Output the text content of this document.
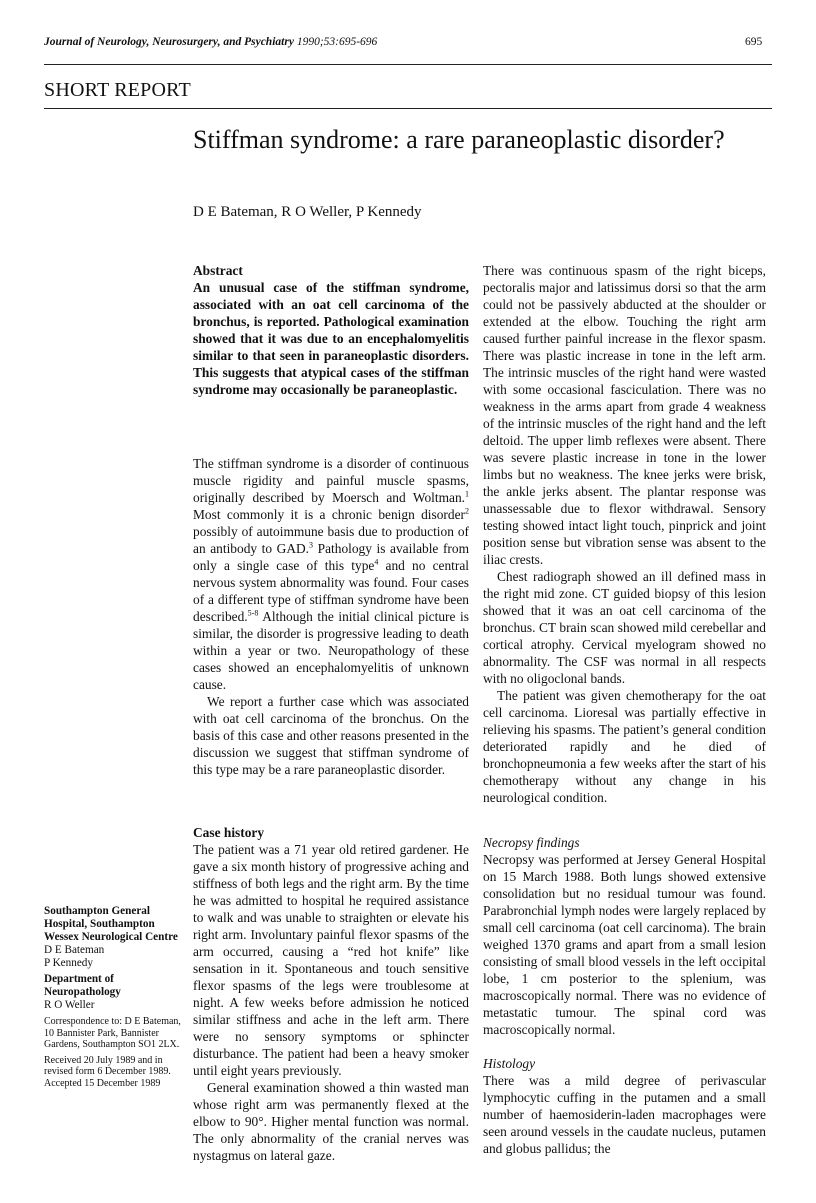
Journal of Neurology, Neurosurgery, and Psychiatry 1990;53:695-696	695
SHORT REPORT
Stiffman syndrome: a rare paraneoplastic disorder?
D E Bateman, R O Weller, P Kennedy
Abstract

An unusual case of the stiffman syndrome, associated with an oat cell carcinoma of the bronchus, is reported. Pathological examination showed that it was due to an encephalomyelitis similar to that seen in paraneoplastic disorders. This suggests that atypical cases of the stiffman syndrome may occasionally be paraneoplastic.

The stiffman syndrome is a disorder of continuous muscle rigidity and painful muscle spasms, originally described by Moersch and Woltman.$^1$ Most commonly it is a chronic benign disorder$^2$ possibly of autoimmune basis due to production of an antibody to GAD.$^3$ Pathology is available from only a single case of this type$^4$ and no central nervous system abnormality was found. Four cases of a different type of stiffman syndrome have been described.$^{5-8}$ Although the initial clinical picture is similar, the disorder is progressive leading to death within a year or two. Neuropathology of these cases showed an encephalomyelitis of unknown cause.

We report a further case which was associated with oat cell carcinoma of the bronchus. On the basis of this case and other reasons presented in the discussion we suggest that stiffman syndrome of this type may be a rare paraneoplastic disorder.

Case history

The patient was a 71 year old retired gardener. He gave a six month history of progressive aching and stiffness of both legs and the right arm. By the time he was admitted to hospital he required assistance to walk and was unable to straighten or elevate his right arm. Involuntary painful flexor spasms of the arm occurred, causing a “red hot knife” like sensation in it. Spontaneous and touch sensitive flexor spasms of the legs were troublesome at night. A few weeks before admission he noticed similar stiffness and ache in the left arm. There were no sensory symptoms or sphincter disturbance. The patient had been a heavy smoker until eight years previously.

General examination showed a thin wasted man whose right arm was permanently flexed at the elbow to 90°. Higher mental function was normal. The only abnormality of the cranial nerves was nystagmus on lateral gaze.

There was continuous spasm of the right biceps, pectoralis major and latissimus dorsi so that the arm could not be passively abducted at the shoulder or extended at the elbow. Touching the right arm caused further painful increase in the flexor spasm. There was plastic increase in tone in the left arm. The intrinsic muscles of the right hand were wasted with some occasional fasciculation. There was no weakness in the arms apart from grade 4 weakness of the intrinsic muscles of the right hand and the left deltoid. The upper limb reflexes were absent. There was severe plastic increase in tone in the lower limbs but no weakness. The knee jerks were brisk, the ankle jerks absent. The plantar response was unassessable due to flexor withdrawal. Sensory testing showed intact light touch, pinprick and joint position sense but vibration sense was absent to the iliac crests.

Chest radiograph showed an ill defined mass in the right mid zone. CT guided biopsy of this lesion showed that it was an oat cell carcinoma of the bronchus. CT brain scan showed mild cerebellar and cortical atrophy. Cervical myelogram showed no abnormality. The CSF was normal in all respects with no oligoclonal bands.

The patient was given chemotherapy for the oat cell carcinoma. Lioresal was partially effective in relieving his spasms. The patient’s general condition deteriorated rapidly and he died of bronchopneumonia a few weeks after the start of his chemotherapy without any change in his neurological condition.

Necropsy findings

Necropsy was performed at Jersey General Hospital on 15 March 1988. Both lungs showed extensive consolidation but no residual tumour was found. Parabronchial lymph nodes were largely replaced by small cell carcinoma (oat cell carcinoma). The brain weighed 1370 grams and apart from a small lesion consisting of small blood vessels in the left occipital lobe, 1 cm posterior to the splenium, was macroscopically normal. There was no evidence of metastatic tumour. The spinal cord was macroscopically normal.

Histology

There was a mild degree of perivascular lymphocytic cuffing in the putamen and a small number of haemosiderin-laden macrophages were seen around vessels in the caudate nucleus, putamen and globus pallidus; the

Southampton General Hospital, Southampton Wessex Neurological Centre

D E Bateman

P Kennedy

Department of Neuropathology

R O Weller

Correspondence to: D E Bateman, 10 Bannister Park, Bannister Gardens, Southampton SO1 2LX.

Received 20 July 1989 and in revised form 6 December 1989.

Accepted 15 December 1989
